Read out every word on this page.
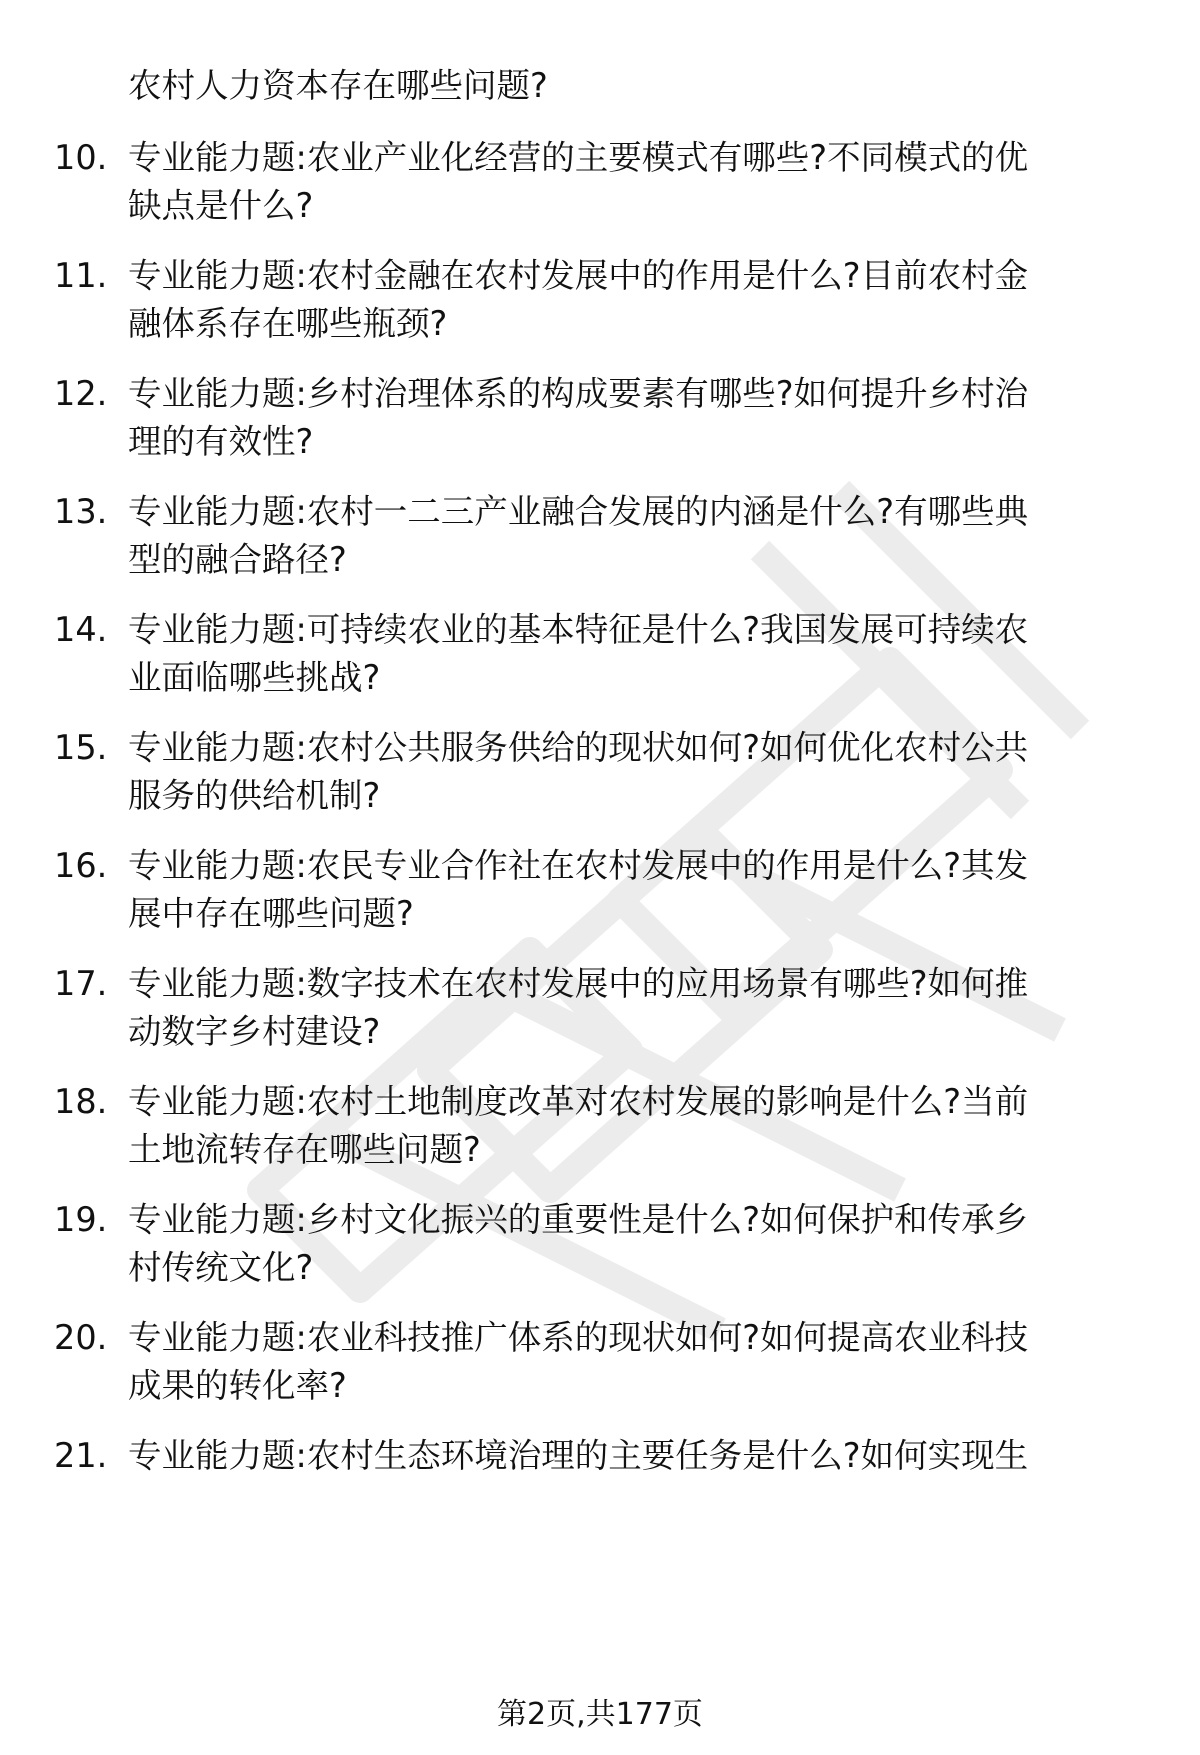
农村人力资本存在哪些问题?
10. 专业能力题:农业产业化经营的主要模式有哪些?不同模式的优
缺点是什么?
11. 专业能力题:农村金融在农村发展中的作用是什么?目前农村金
融体系存在哪些瓶颈?
12. 专业能力题:乡村治理体系的构成要素有哪些?如何提升乡村治
理的有效性?
13. 专业能力题:农村一二三产业融合发展的内涵是什么?有哪些典
型的融合路径?
14. 专业能力题:可持续农业的基本特征是什么?我国发展可持续农
业面临哪些挑战?
15. 专业能力题:农村公共服务供给的现状如何?如何优化农村公共
服务的供给机制?
16. 专业能力题:农民专业合作社在农村发展中的作用是什么?其发
展中存在哪些问题?
17. 专业能力题:数字技术在农村发展中的应用场景有哪些?如何推
动数字乡村建设?
18. 专业能力题:农村土地制度改革对农村发展的影响是什么?当前
土地流转存在哪些问题?
19. 专业能力题:乡村文化振兴的重要性是什么?如何保护和传承乡
村传统文化?
20. 专业能力题:农业科技推广体系的现状如何?如何提高农业科技
成果的转化率?
21. 专业能力题:农村生态环境治理的主要任务是什么?如何实现生
第2页,共177页
